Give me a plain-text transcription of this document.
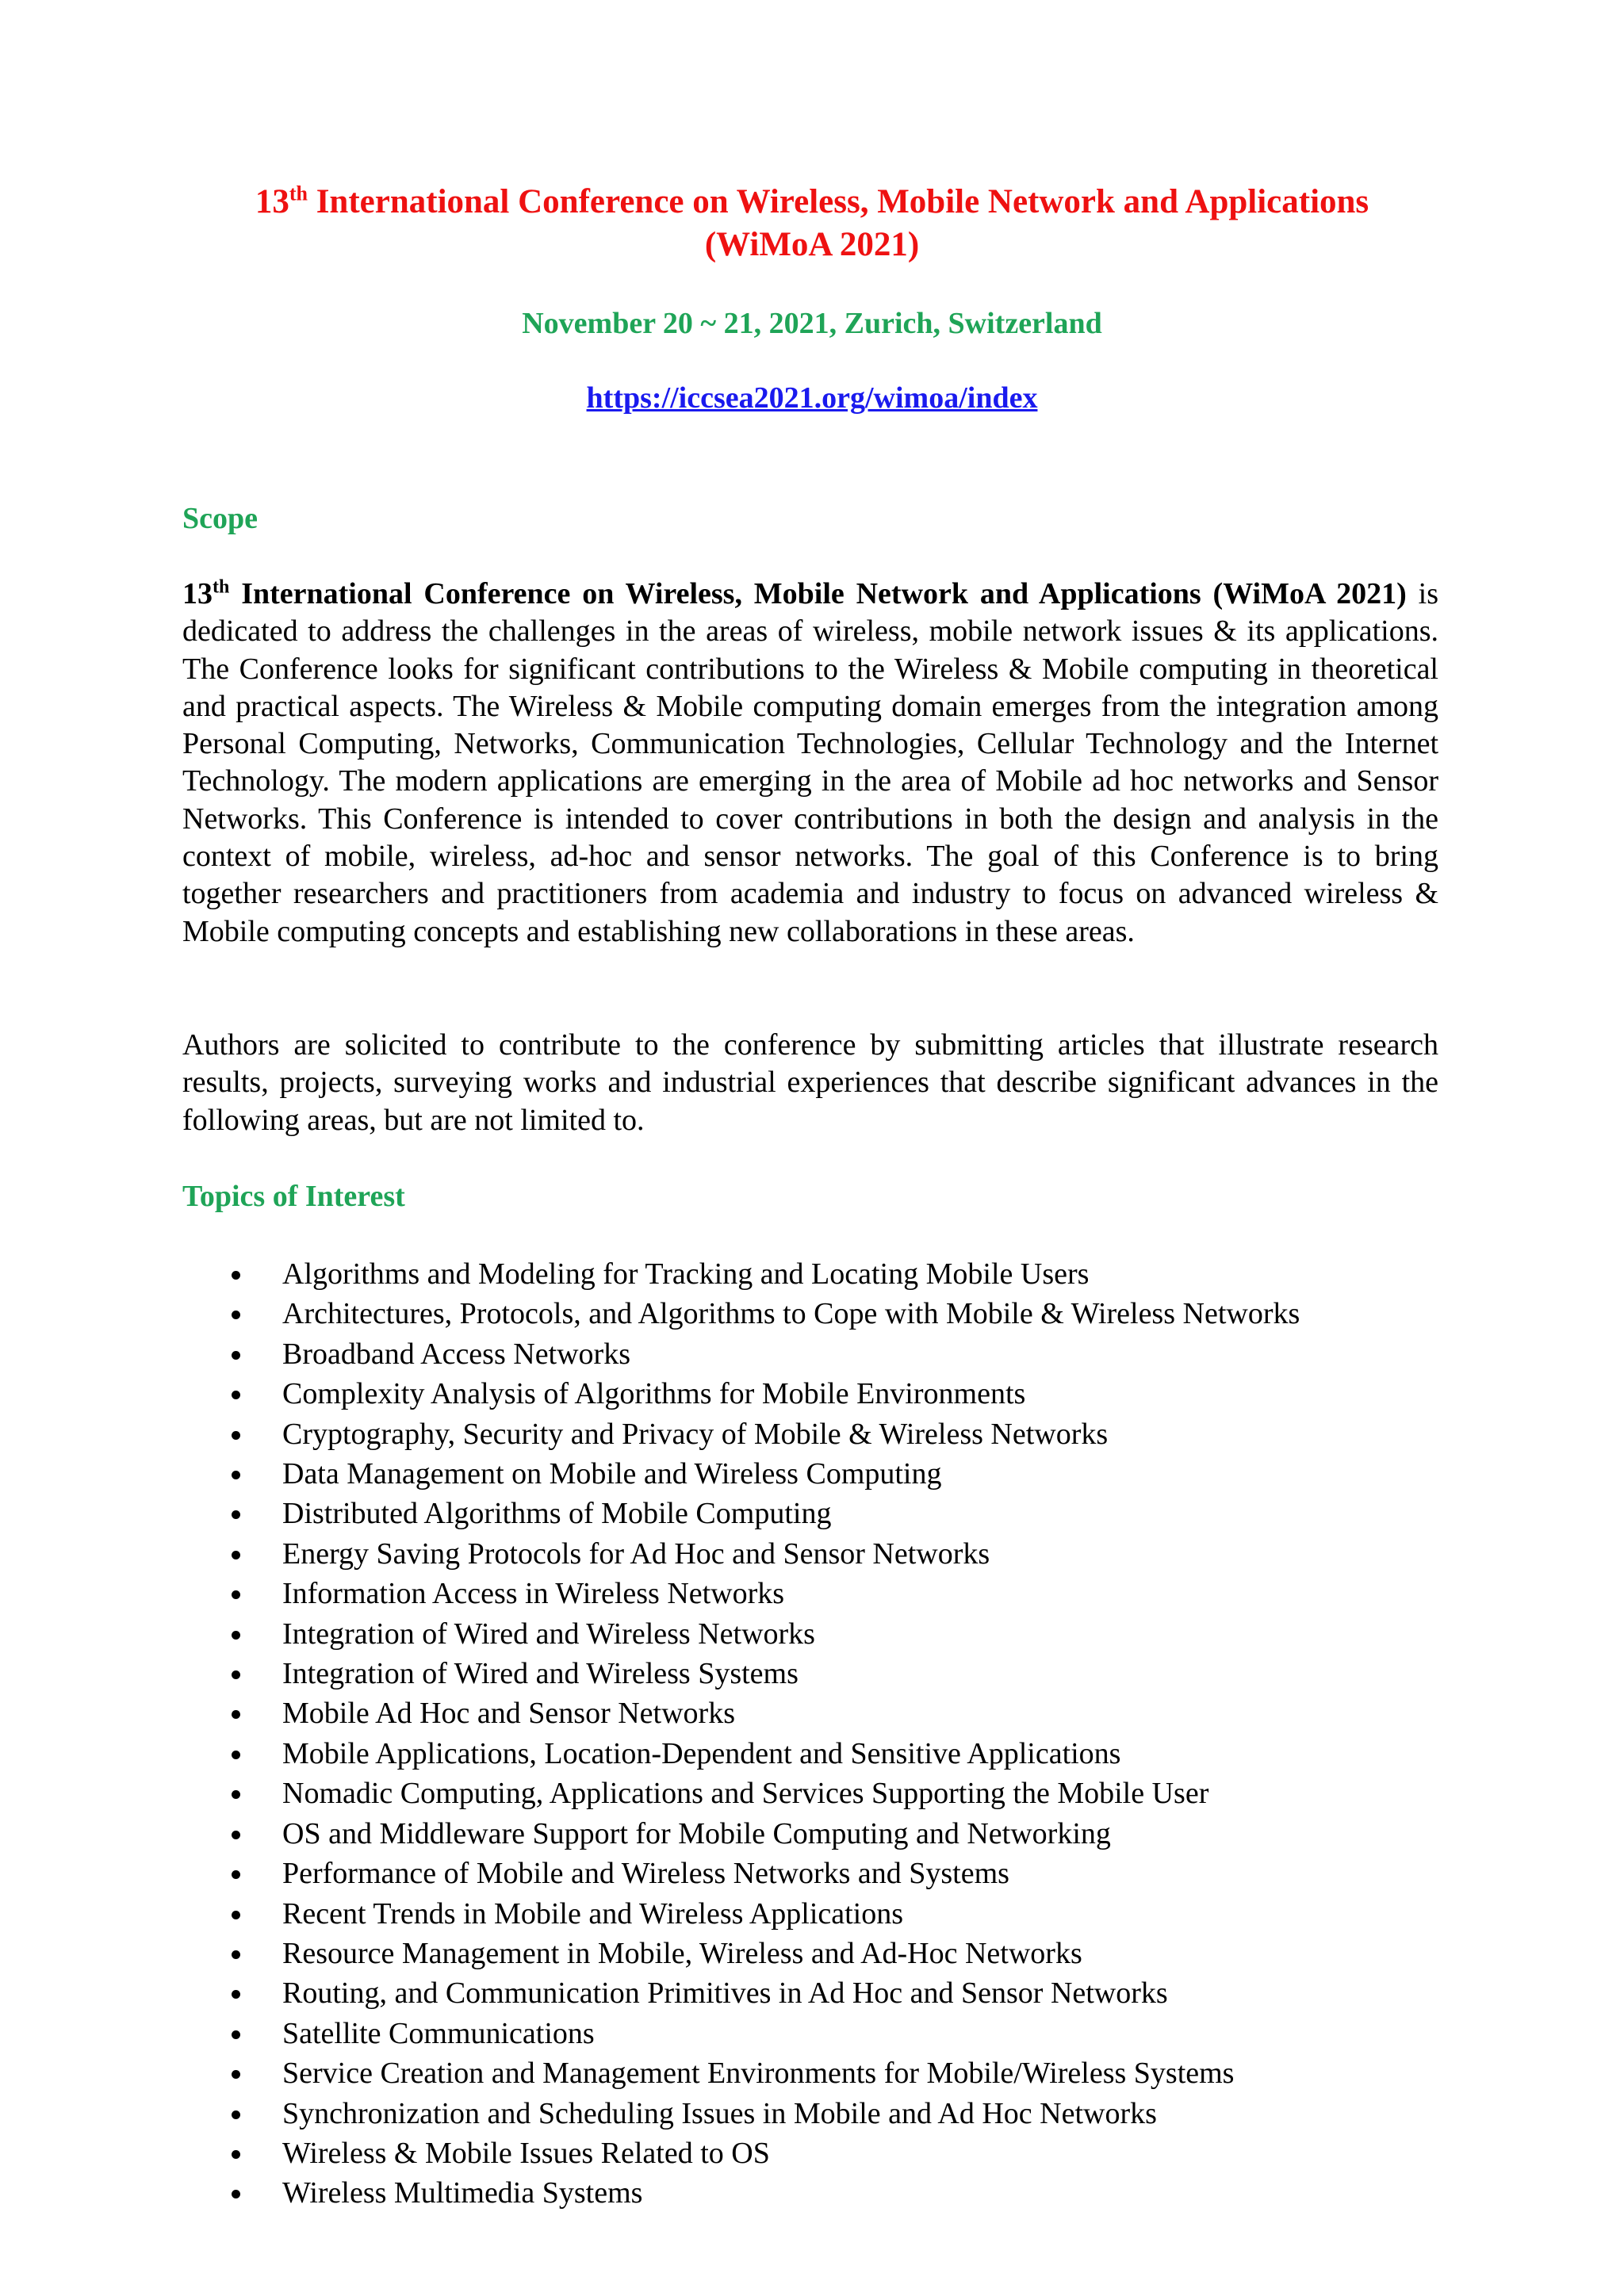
13th International Conference on Wireless, Mobile Network and Applications
(WiMoA 2021)

November 20 ~ 21, 2021, Zurich, Switzerland

https://iccsea2021.org/wimoa/index
Scope

13th International Conference on Wireless, Mobile Network and Applications (WiMoA 2021) is dedicated to address the challenges in the areas of wireless, mobile network issues & its applications. The Conference looks for significant contributions to the Wireless & Mobile computing in theoretical and practical aspects. The Wireless & Mobile computing domain emerges from the integration among Personal Computing, Networks, Communication Technologies, Cellular Technology and the Internet Technology. The modern applications are emerging in the area of Mobile ad hoc networks and Sensor Networks. This Conference is intended to cover contributions in both the design and analysis in the context of mobile, wireless, ad-hoc and sensor networks. The goal of this Conference is to bring together researchers and practitioners from academia and industry to focus on advanced wireless & Mobile computing concepts and establishing new collaborations in these areas.

Authors are solicited to contribute to the conference by submitting articles that illustrate research results, projects, surveying works and industrial experiences that describe significant advances in the following areas, but are not limited to.

Topics of Interest
Algorithms and Modeling for Tracking and Locating Mobile Users
Architectures, Protocols, and Algorithms to Cope with Mobile & Wireless Networks
Broadband Access Networks
Complexity Analysis of Algorithms for Mobile Environments
Cryptography, Security and Privacy of Mobile & Wireless Networks
Data Management on Mobile and Wireless Computing
Distributed Algorithms of Mobile Computing
Energy Saving Protocols for Ad Hoc and Sensor Networks
Information Access in Wireless Networks
Integration of Wired and Wireless Networks
Integration of Wired and Wireless Systems
Mobile Ad Hoc and Sensor Networks
Mobile Applications, Location-Dependent and Sensitive Applications
Nomadic Computing, Applications and Services Supporting the Mobile User
OS and Middleware Support for Mobile Computing and Networking
Performance of Mobile and Wireless Networks and Systems
Recent Trends in Mobile and Wireless Applications
Resource Management in Mobile, Wireless and Ad-Hoc Networks
Routing, and Communication Primitives in Ad Hoc and Sensor Networks
Satellite Communications
Service Creation and Management Environments for Mobile/Wireless Systems
Synchronization and Scheduling Issues in Mobile and Ad Hoc Networks
Wireless & Mobile Issues Related to OS
Wireless Multimedia Systems
